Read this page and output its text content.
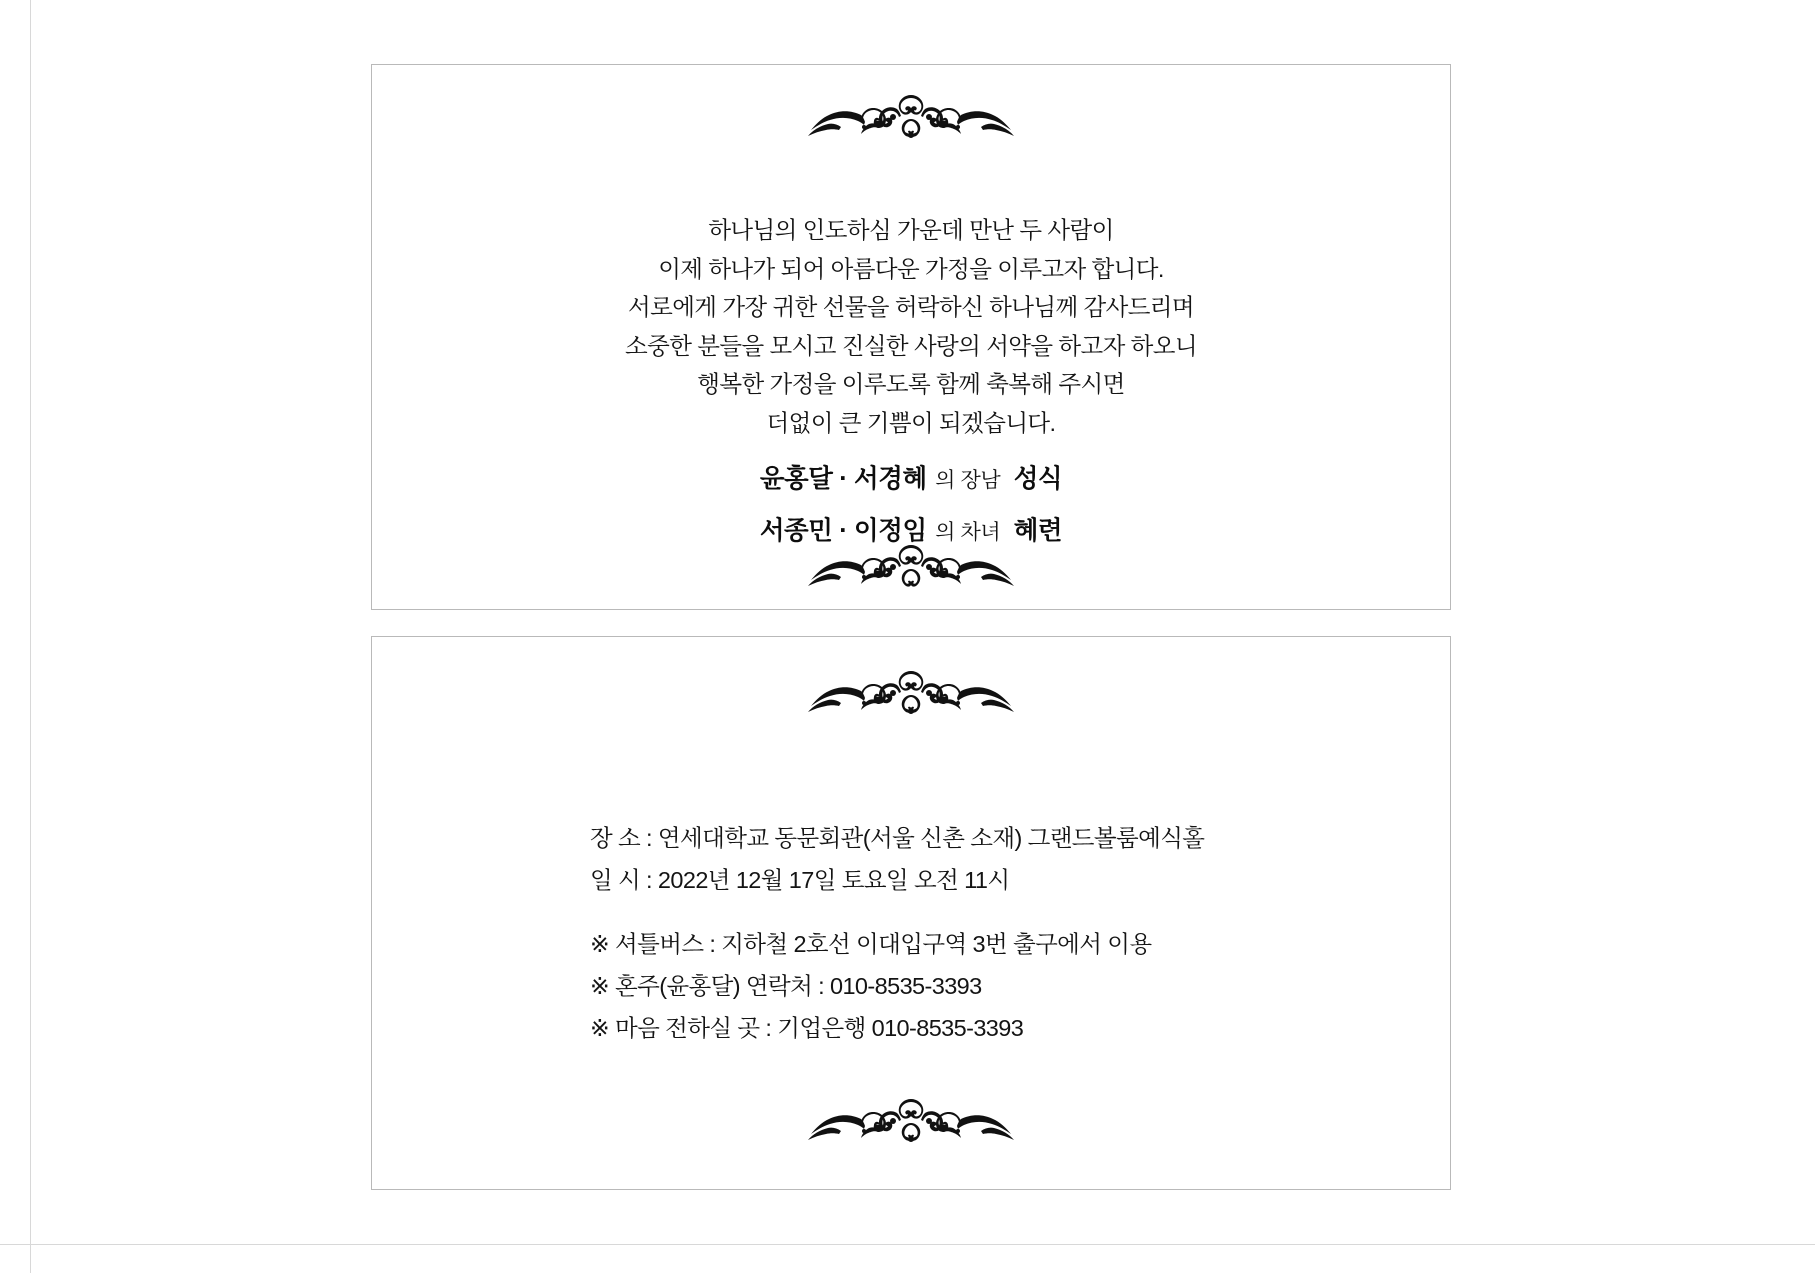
하나님의 인도하심 가운데 만난 두 사람이
이제 하나가 되어 아름다운 가정을 이루고자 합니다.
서로에게 가장 귀한 선물을 허락하신 하나님께 감사드리며
소중한 분들을 모시고 진실한 사랑의 서약을 하고자 하오니
행복한 가정을 이루도록 함께 축복해 주시면
더없이 큰 기쁨이 되겠습니다.
윤홍달 · 서경혜 의 장남 성식
서종민 · 이정임 의 차녀 혜련
장 소 : 연세대학교 동문회관(서울 신촌 소재) 그랜드볼룸예식홀
일 시 : 2022년 12월 17일 토요일 오전 11시
※ 셔틀버스 : 지하철 2호선 이대입구역 3번 출구에서 이용
※ 혼주(윤홍달) 연락처 : 010-8535-3393
※ 마음 전하실 곳 : 기업은행 010-8535-3393
